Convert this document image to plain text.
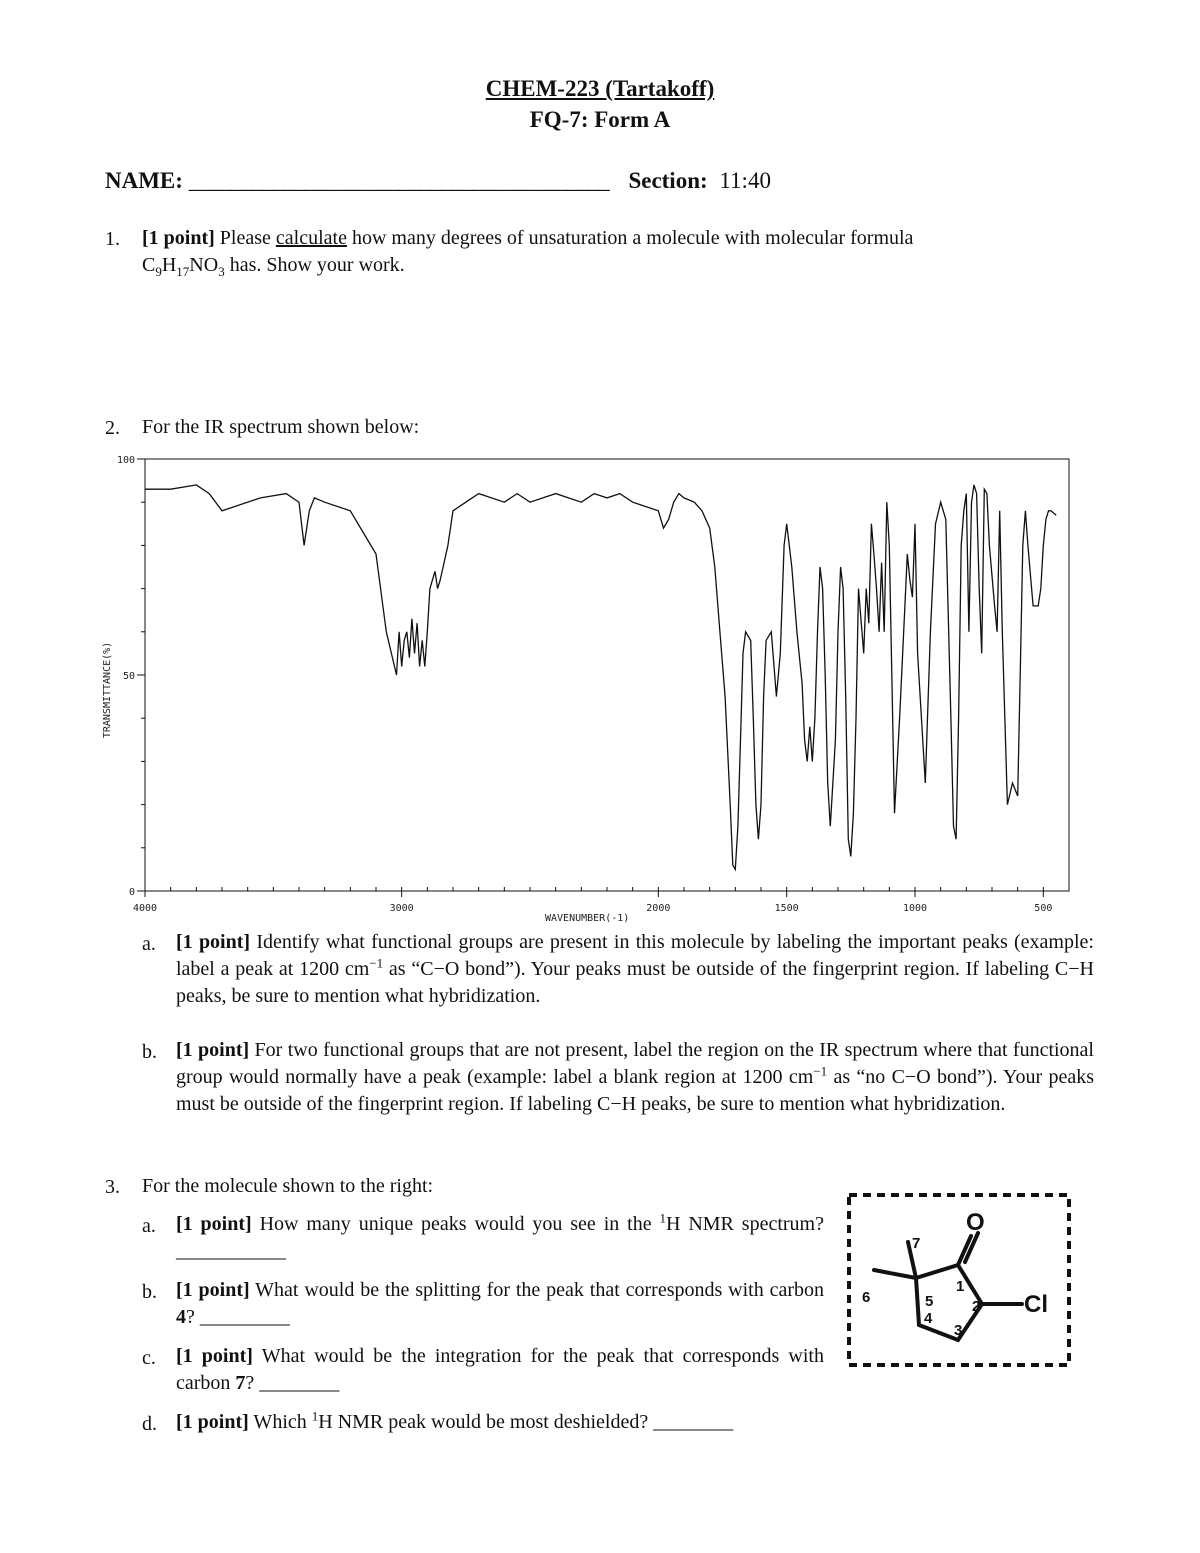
CHEM-223 (Tartakoff)
FQ-7: Form A
NAME: ________________________________________ Section: 11:40
1.	[1 point] Please calculate how many degrees of unsaturation a molecule with molecular formula
$C_9H_{17}NO_3$ has. Show your work.
2.	For the IR spectrum shown below:
0
50
100
4000	3000	2000	1500	1000	500
WAVENUMBER(-1)
TRANSMITTANCE(%)
a.	[1 point] Identify what functional groups are present in this molecule by labeling the important peaks (example: label a peak at 1200 $cm^{-1}$ as “C−O bond”). Your peaks must be outside of the fingerprint region. If labeling C−H peaks, be sure to mention what hybridization.
b. [1 point] For two functional groups that are not present, label the region on the IR spectrum where that functional group would normally have a peak (example: label a blank region at 1200 $cm^{-1}$ as “no C−O bond”). Your peaks must be outside of the fingerprint region. If labeling C−H peaks, be sure to mention what hybridization.
3.	For the molecule shown to the right:
a.	[1 point] How many unique peaks would you see in the $^1$H NMR spectrum? ___________
b. [1 point] What would be the splitting for the peak that corresponds with carbon 4? _________
c.	[1 point] What would be the integration for the peak that corresponds with carbon 7? ________
d. [1 point] Which $^1$H NMR peak would be most deshielded? ________
O
Cl
1
2
3
4
5
6
7
